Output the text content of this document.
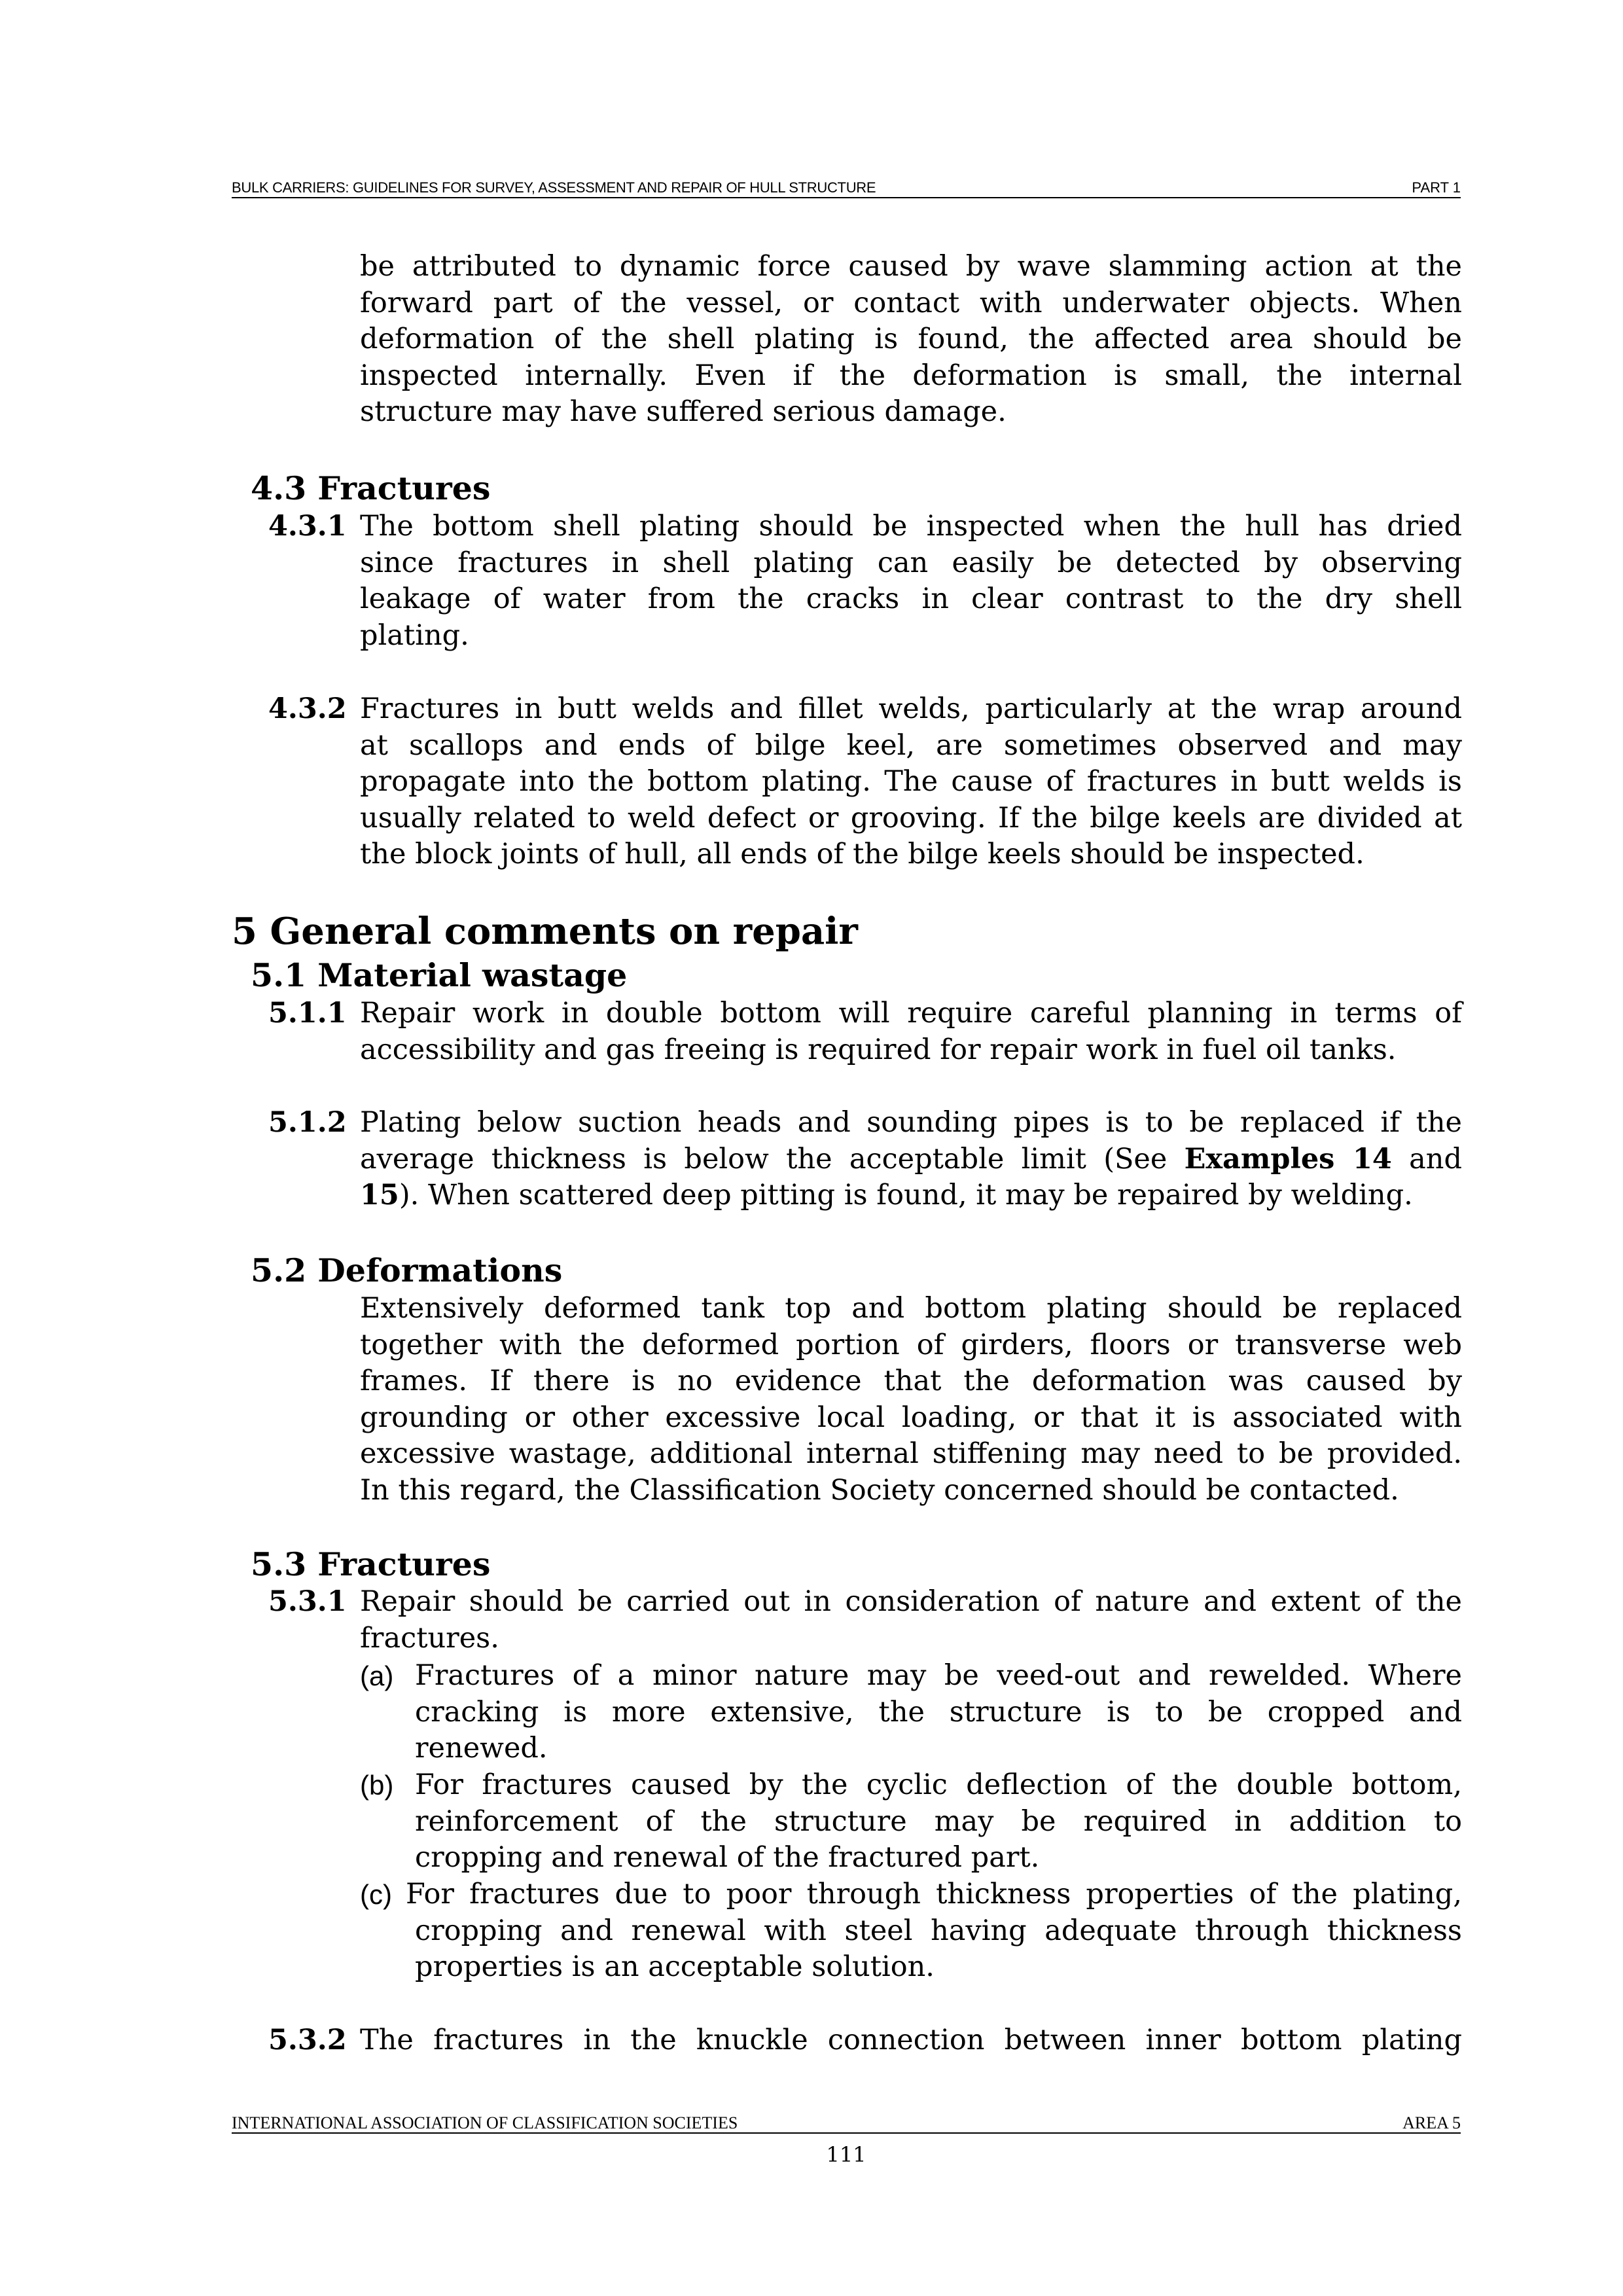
BULK CARRIERS: GUIDELINES FOR SURVEY, ASSESSMENT AND REPAIR OF HULL STRUCTURE	PART 1
be attributed to dynamic force caused by wave slamming action at the
forward part of the vessel, or contact with underwater objects. When
deformation of the shell plating is found, the affected area should be
inspected internally. Even if the deformation is small, the internal
structure may have suffered serious damage.
4.3 Fractures
4.3.1 The bottom shell plating should be inspected when the hull has dried
since fractures in shell plating can easily be detected by observing
leakage of water from the cracks in clear contrast to the dry shell
plating.
4.3.2 Fractures in butt welds and fillet welds, particularly at the wrap around
at scallops and ends of bilge keel, are sometimes observed and may
propagate into the bottom plating. The cause of fractures in butt welds is
usually related to weld defect or grooving. If the bilge keels are divided at
the block joints of hull, all ends of the bilge keels should be inspected.
5 General comments on repair
5.1 Material wastage
5.1.1 Repair work in double bottom will require careful planning in terms of
accessibility and gas freeing is required for repair work in fuel oil tanks.
5.1.2 Plating below suction heads and sounding pipes is to be replaced if the
average thickness is below the acceptable limit (See Examples 14 and
15). When scattered deep pitting is found, it may be repaired by welding.
5.2 Deformations
Extensively deformed tank top and bottom plating should be replaced
together with the deformed portion of girders, floors or transverse web
frames. If there is no evidence that the deformation was caused by
grounding or other excessive local loading, or that it is associated with
excessive wastage, additional internal stiffening may need to be provided.
In this regard, the Classification Society concerned should be contacted.
5.3 Fractures
5.3.1 Repair should be carried out in consideration of nature and extent of the
fractures.
(a) Fractures of a minor nature may be veed-out and rewelded. Where
cracking is more extensive, the structure is to be cropped and
renewed.
(b) For fractures caused by the cyclic deflection of the double bottom,
reinforcement of the structure may be required in addition to
cropping and renewal of the fractured part.
(c) For fractures due to poor through thickness properties of the plating,
cropping and renewal with steel having adequate through thickness
properties is an acceptable solution.
5.3.2 The fractures in the knuckle connection between inner bottom plating
INTERNATIONAL ASSOCIATION OF CLASSIFICATION SOCIETIES	AREA 5
111
